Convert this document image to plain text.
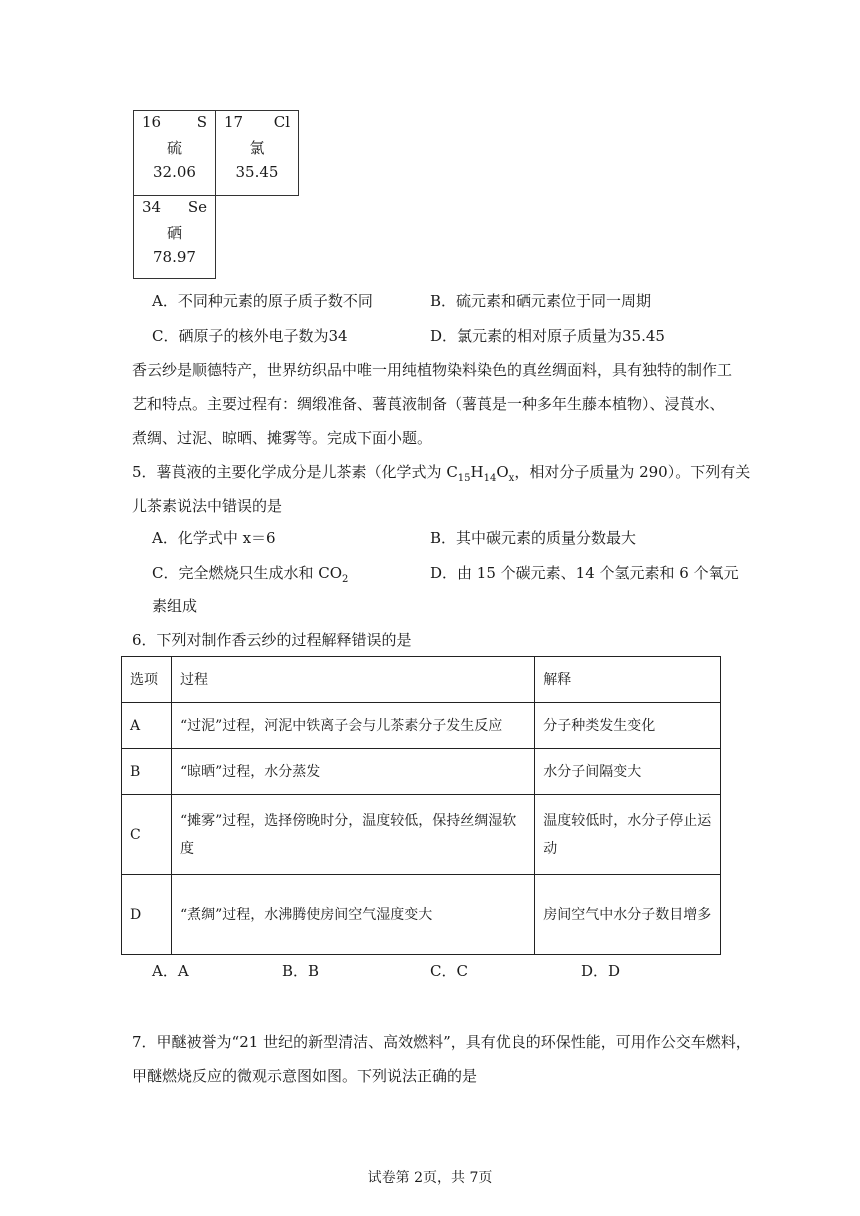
16 S
硫
32.06
17 Cl
氯
35.45
34 Se
硒
78.97
A．不同种元素的原子质子数不同	B．硫元素和硒元素位于同一周期
C．硒原子的核外电子数为34	D．氯元素的相对原子质量为35.45
香云纱是顺德特产，世界纺织品中唯一用纯植物染料染色的真丝绸面料，具有独特的制作工
艺和特点。主要过程有：绸缎准备、薯莨液制备（薯莨是一种多年生藤本植物）、浸莨水、
煮绸、过泥、晾晒、摊雾等。完成下面小题。
5．薯莨液的主要化学成分是儿茶素（化学式为 $C_{15}H_{14}O_x$，相对分子质量为 290）。下列有关
儿茶素说法中错误的是
A．化学式中 x＝6	B．其中碳元素的质量分数最大
C．完全燃烧只生成水和 $CO_2$	D．由 15 个碳元素、14 个氢元素和 6 个氧元
素组成
6．下列对制作香云纱的过程解释错误的是
选项	过程	解释
A	“过泥”过程，河泥中铁离子会与儿茶素分子发生反应	分子种类发生变化
B	“晾晒”过程，水分蒸发	水分子间隔变大
C	“摊雾”过程，选择傍晚时分，温度较低，保持丝绸湿软度	温度较低时，水分子停止运动
D	“煮绸”过程，水沸腾使房间空气湿度变大	房间空气中水分子数目增多
A．A	B．B	C．C	D．D
7．甲醚被誉为“21 世纪的新型清洁、高效燃料”，具有优良的环保性能，可用作公交车燃料，
甲醚燃烧反应的微观示意图如图。下列说法正确的是
试卷第 2页，共 7页
